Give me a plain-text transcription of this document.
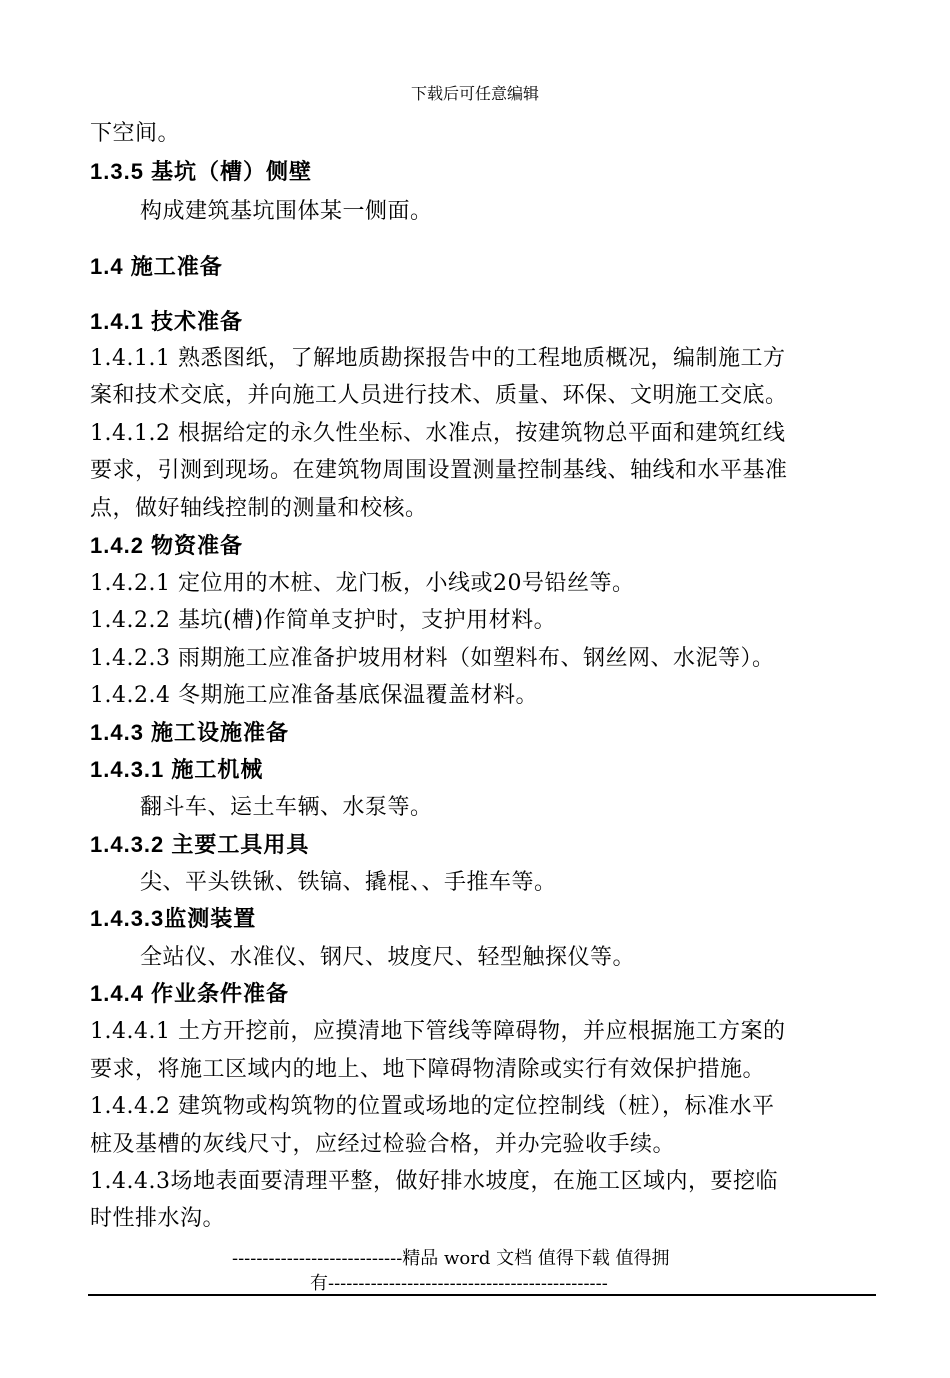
下载后可任意编辑
下空间。
1.3.5 基坑（槽）侧壁
构成建筑基坑围体某一侧面。
1.4 施工准备
1.4.1 技术准备
1.4.1.1 熟悉图纸，了解地质勘探报告中的工程地质概况，编制施工方
案和技术交底，并向施工人员进行技术、质量、环保、文明施工交底。
1.4.1.2 根据给定的永久性坐标、水准点，按建筑物总平面和建筑红线
要求，引测到现场。在建筑物周围设置测量控制基线、轴线和水平基准
点，做好轴线控制的测量和校核。
1.4.2 物资准备
1.4.2.1 定位用的木桩、龙门板，小线或20号铅丝等。
1.4.2.2 基坑(槽)作简单支护时，支护用材料。
1.4.2.3 雨期施工应准备护坡用材料（如塑料布、钢丝网、水泥等）。
1.4.2.4 冬期施工应准备基底保温覆盖材料。
1.4.3 施工设施准备
1.4.3.1 施工机械
翻斗车、运土车辆、水泵等。
1.4.3.2 主要工具用具
尖、平头铁锹、铁镐、撬棍、、手推车等。
1.4.3.3监测装置
全站仪、水准仪、钢尺、坡度尺、轻型触探仪等。
1.4.4 作业条件准备
1.4.4.1 土方开挖前，应摸清地下管线等障碍物，并应根据施工方案的
要求，将施工区域内的地上、地下障碍物清除或实行有效保护措施。
1.4.4.2 建筑物或构筑物的位置或场地的定位控制线（桩），标准水平
桩及基槽的灰线尺寸，应经过检验合格，并办完验收手续。
1.4.4.3场地表面要清理平整，做好排水坡度，在施工区域内，要挖临
时性排水沟。
----------------------------精品 word 文档 值得下载 值得拥
有----------------------------------------------
